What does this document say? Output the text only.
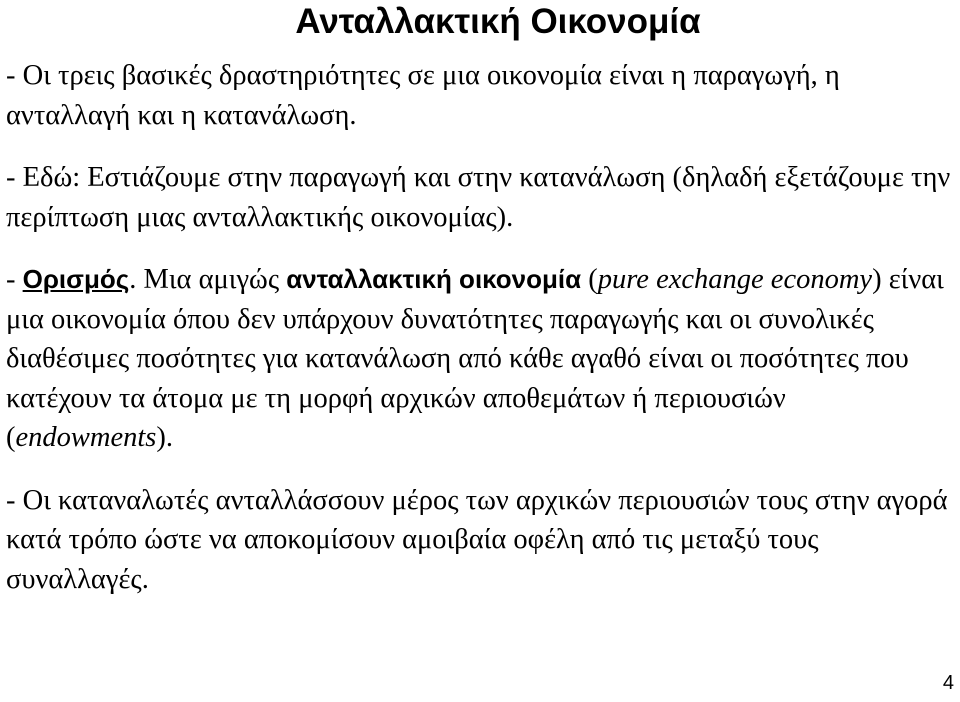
Ανταλλακτική Οικονομία

- Οι τρεις βασικές δραστηριότητες σε μια οικονομία είναι η παραγωγή, η ανταλλαγή και η κατανάλωση.

- Εδώ: Εστιάζουμε στην παραγωγή και στην κατανάλωση (δηλαδή εξετάζουμε την περίπτωση μιας ανταλλακτικής οικονομίας).

- Ορισμός. Μια αμιγώς ανταλλακτική οικονομία (pure exchange economy) είναι μια οικονομία όπου δεν υπάρχουν δυνατότητες παραγωγής και οι συνολικές διαθέσιμες ποσότητες για κατανάλωση από κάθε αγαθό είναι οι ποσότητες που κατέχουν τα άτομα με τη μορφή αρχικών αποθεμάτων ή περιουσιών (endowments).

- Οι καταναλωτές ανταλλάσσουν μέρος των αρχικών περιουσιών τους στην αγορά κατά τρόπο ώστε να αποκομίσουν αμοιβαία οφέλη από τις μεταξύ τους συναλλαγές.

4
